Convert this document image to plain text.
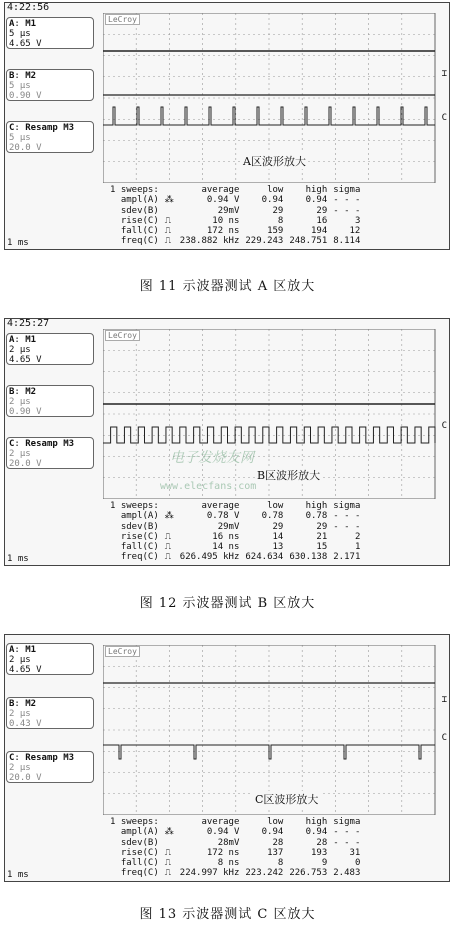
4:22:56
A: M1
5 µs
4.65 V
B: M2
5 µs
0.90 V
C: Resamp M3
5 µs
20.0 V
LeCroy
A区波形放大
⌶
C
1 sweeps:		average	low	high	sigma
ampl(A)	⁂	0.94 V	0.94	0.94	- - -
sdev(B)		29mV	29	29	- - -
rise(C)	⎍	10 ns	8	16	3
fall(C)	⎍	172 ns	159	194	12
freq(C)	⎍	238.882 kHz	229.243	248.751	8.114
1 ms
图 11 示波器测试 A 区放大
4:25:27
A: M1
2 µs
4.65 V
B: M2
2 µs
0.90 V
C: Resamp M3
2 µs
20.0 V
LeCroy
B区波形放大
C
1 sweeps:		average	low	high	sigma
ampl(A)	⁂	0.78 V	0.78	0.78	- - -
sdev(B)		29mV	29	29	- - -
rise(C)	⎍	16 ns	14	21	2
fall(C)	⎍	14 ns	13	15	1
freq(C)	⎍	626.495 kHz	624.634	630.138	2.171
1 ms
电子发烧友网
www.elecfans.com
图 12 示波器测试 B 区放大
A: M1
2 µs
4.65 V
B: M2
2 µs
0.43 V
C: Resamp M3
2 µs
20.0 V
LeCroy
C区波形放大
⌶
C
1 sweeps:		average	low	high	sigma
ampl(A)	⁂	0.94 V	0.94	0.94	- - -
sdev(B)		28mV	28	28	- - -
rise(C)	⎍	172 ns	137	193	31
fall(C)	⎍	8 ns	8	9	0
freq(C)	⎍	224.997 kHz	223.242	226.753	2.483
1 ms
图 13 示波器测试 C 区放大
